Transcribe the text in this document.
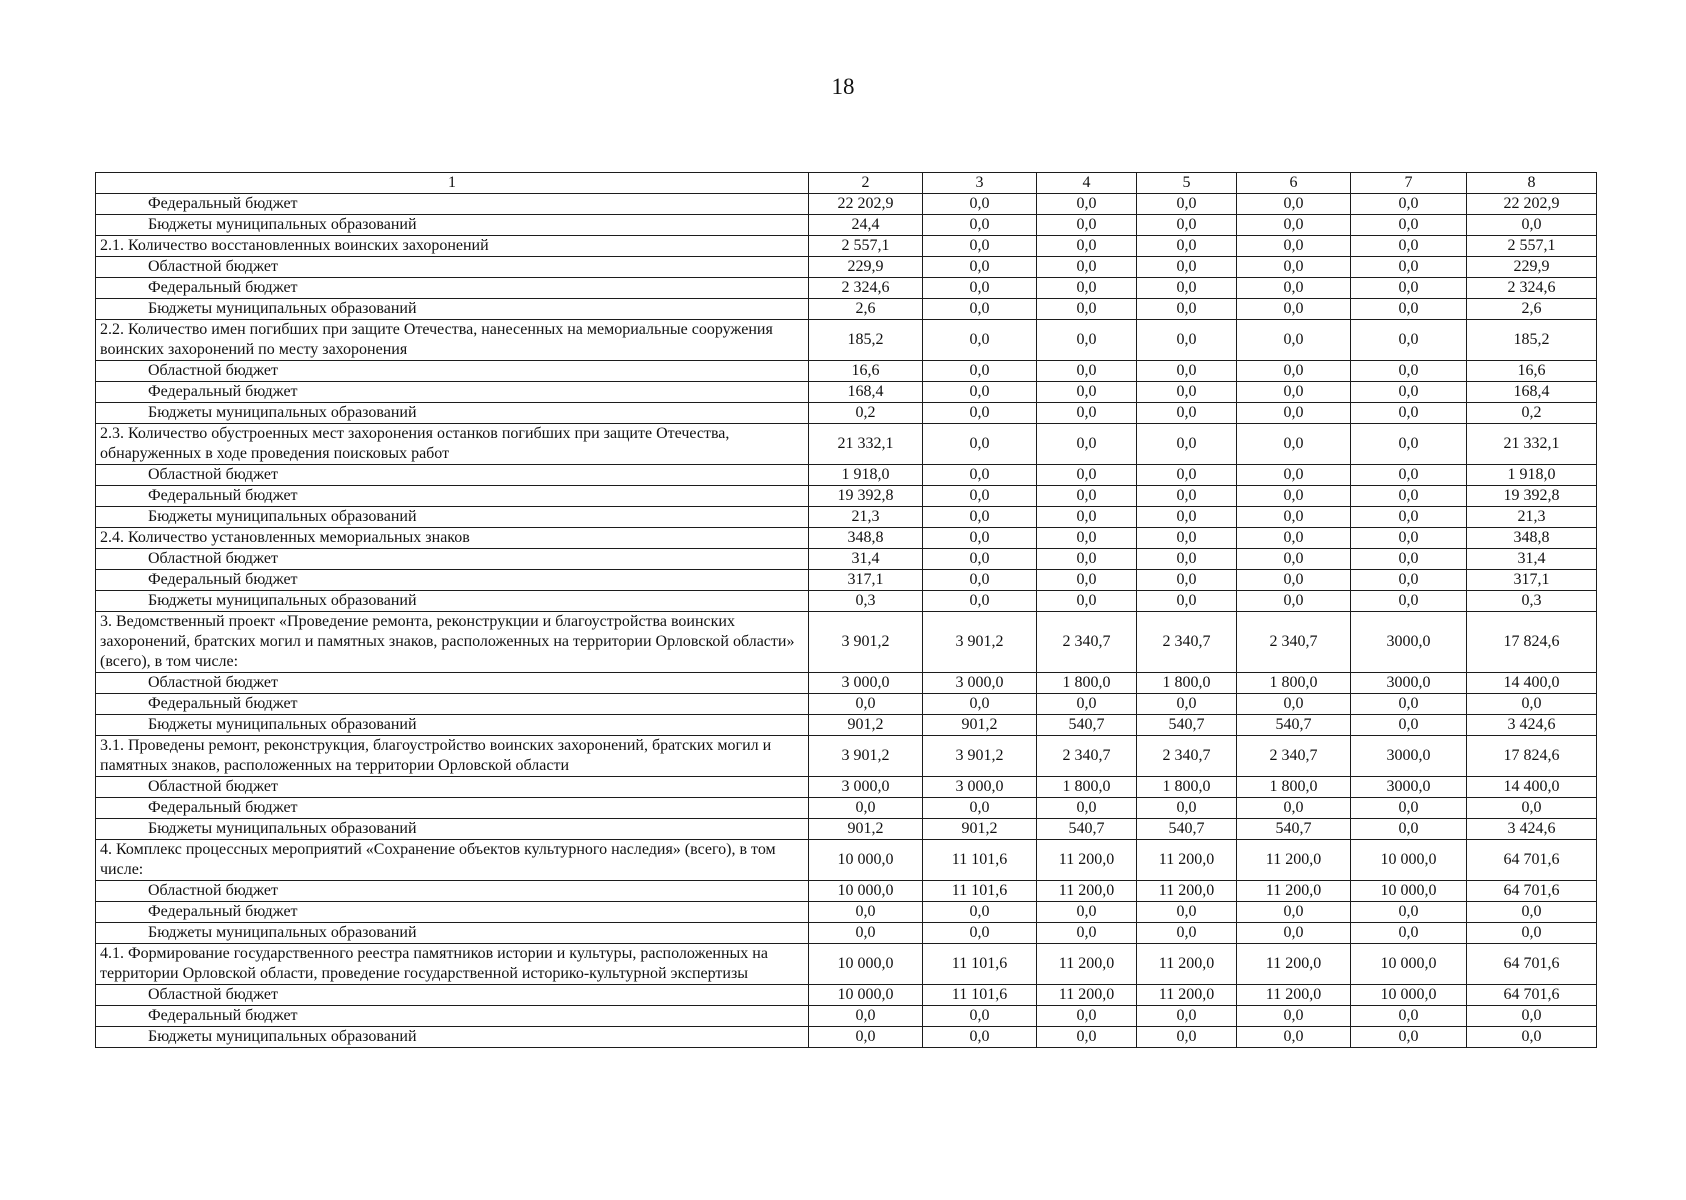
18
1	2	3	4	5	6	7	8
Федеральный бюджет	22 202,9	0,0	0,0	0,0	0,0	0,0	22 202,9
Бюджеты муниципальных образований	24,4	0,0	0,0	0,0	0,0	0,0	0,0
2.1. Количество восстановленных воинских захоронений	2 557,1	0,0	0,0	0,0	0,0	0,0	2 557,1
Областной бюджет	229,9	0,0	0,0	0,0	0,0	0,0	229,9
Федеральный бюджет	2 324,6	0,0	0,0	0,0	0,0	0,0	2 324,6
Бюджеты муниципальных образований	2,6	0,0	0,0	0,0	0,0	0,0	2,6
2.2. Количество имен погибших при защите Отечества, нанесенных на мемориальные сооружения воинских захоронений по месту захоронения	185,2	0,0	0,0	0,0	0,0	0,0	185,2
Областной бюджет	16,6	0,0	0,0	0,0	0,0	0,0	16,6
Федеральный бюджет	168,4	0,0	0,0	0,0	0,0	0,0	168,4
Бюджеты муниципальных образований	0,2	0,0	0,0	0,0	0,0	0,0	0,2
2.3. Количество обустроенных мест захоронения останков погибших при защите Отечества, обнаруженных в ходе проведения поисковых работ	21 332,1	0,0	0,0	0,0	0,0	0,0	21 332,1
Областной бюджет	1 918,0	0,0	0,0	0,0	0,0	0,0	1 918,0
Федеральный бюджет	19 392,8	0,0	0,0	0,0	0,0	0,0	19 392,8
Бюджеты муниципальных образований	21,3	0,0	0,0	0,0	0,0	0,0	21,3
2.4. Количество установленных мемориальных знаков	348,8	0,0	0,0	0,0	0,0	0,0	348,8
Областной бюджет	31,4	0,0	0,0	0,0	0,0	0,0	31,4
Федеральный бюджет	317,1	0,0	0,0	0,0	0,0	0,0	317,1
Бюджеты муниципальных образований	0,3	0,0	0,0	0,0	0,0	0,0	0,3
3. Ведомственный проект «Проведение ремонта, реконструкции и благоустройства воинских захоронений, братских могил и памятных знаков, расположенных на территории Орловской области» (всего), в том числе:	3 901,2	3 901,2	2 340,7	2 340,7	2 340,7	3000,0	17 824,6
Областной бюджет	3 000,0	3 000,0	1 800,0	1 800,0	1 800,0	3000,0	14 400,0
Федеральный бюджет	0,0	0,0	0,0	0,0	0,0	0,0	0,0
Бюджеты муниципальных образований	901,2	901,2	540,7	540,7	540,7	0,0	3 424,6
3.1. Проведены ремонт, реконструкция, благоустройство воинских захоронений, братских могил и памятных знаков, расположенных на территории Орловской области	3 901,2	3 901,2	2 340,7	2 340,7	2 340,7	3000,0	17 824,6
Областной бюджет	3 000,0	3 000,0	1 800,0	1 800,0	1 800,0	3000,0	14 400,0
Федеральный бюджет	0,0	0,0	0,0	0,0	0,0	0,0	0,0
Бюджеты муниципальных образований	901,2	901,2	540,7	540,7	540,7	0,0	3 424,6
4. Комплекс процессных мероприятий «Сохранение объектов культурного наследия» (всего), в том числе:	10 000,0	11 101,6	11 200,0	11 200,0	11 200,0	10 000,0	64 701,6
Областной бюджет	10 000,0	11 101,6	11 200,0	11 200,0	11 200,0	10 000,0	64 701,6
Федеральный бюджет	0,0	0,0	0,0	0,0	0,0	0,0	0,0
Бюджеты муниципальных образований	0,0	0,0	0,0	0,0	0,0	0,0	0,0
4.1. Формирование государственного реестра памятников истории и культуры, расположенных на территории Орловской области, проведение государственной историко-культурной экспертизы	10 000,0	11 101,6	11 200,0	11 200,0	11 200,0	10 000,0	64 701,6
Областной бюджет	10 000,0	11 101,6	11 200,0	11 200,0	11 200,0	10 000,0	64 701,6
Федеральный бюджет	0,0	0,0	0,0	0,0	0,0	0,0	0,0
Бюджеты муниципальных образований	0,0	0,0	0,0	0,0	0,0	0,0	0,0
